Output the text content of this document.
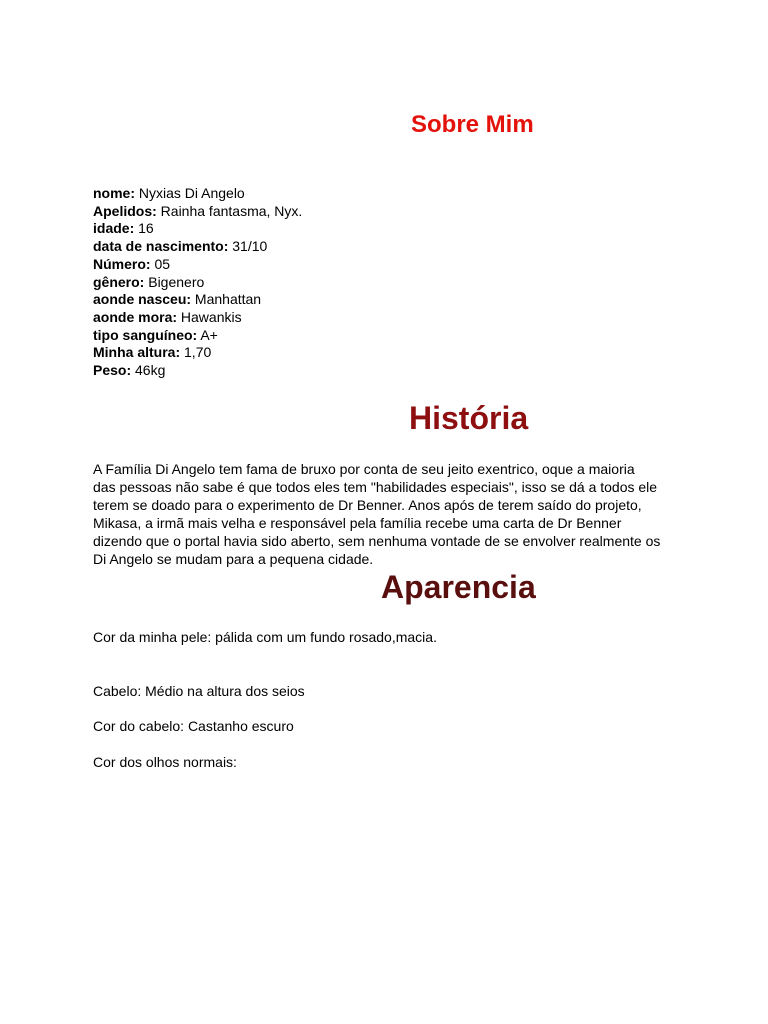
Sobre Mim
nome: Nyxias Di Angelo
Apelidos: Rainha fantasma, Nyx.
idade: 16
data de nascimento: 31/10
Número: 05
gênero: Bigenero
aonde nasceu: Manhattan
aonde mora: Hawankis
tipo sanguíneo: A+
Minha altura: 1,70
Peso: 46kg
História

A Família Di Angelo tem fama de bruxo por conta de seu jeito exentrico, oque a maioria
das pessoas não sabe é que todos eles tem "habilidades especiais", isso se dá a todos ele
terem se doado para o experimento de Dr Benner. Anos após de terem saído do projeto,
Mikasa, a irmã mais velha e responsável pela família recebe uma carta de Dr Benner
dizendo que o portal havia sido aberto, sem nenhuma vontade de se envolver realmente os
Di Angelo se mudam para a pequena cidade.

Aparencia

Cor da minha pele: pálida com um fundo rosado,macia.

Cabelo: Médio na altura dos seios

Cor do cabelo: Castanho escuro

Cor dos olhos normais:
